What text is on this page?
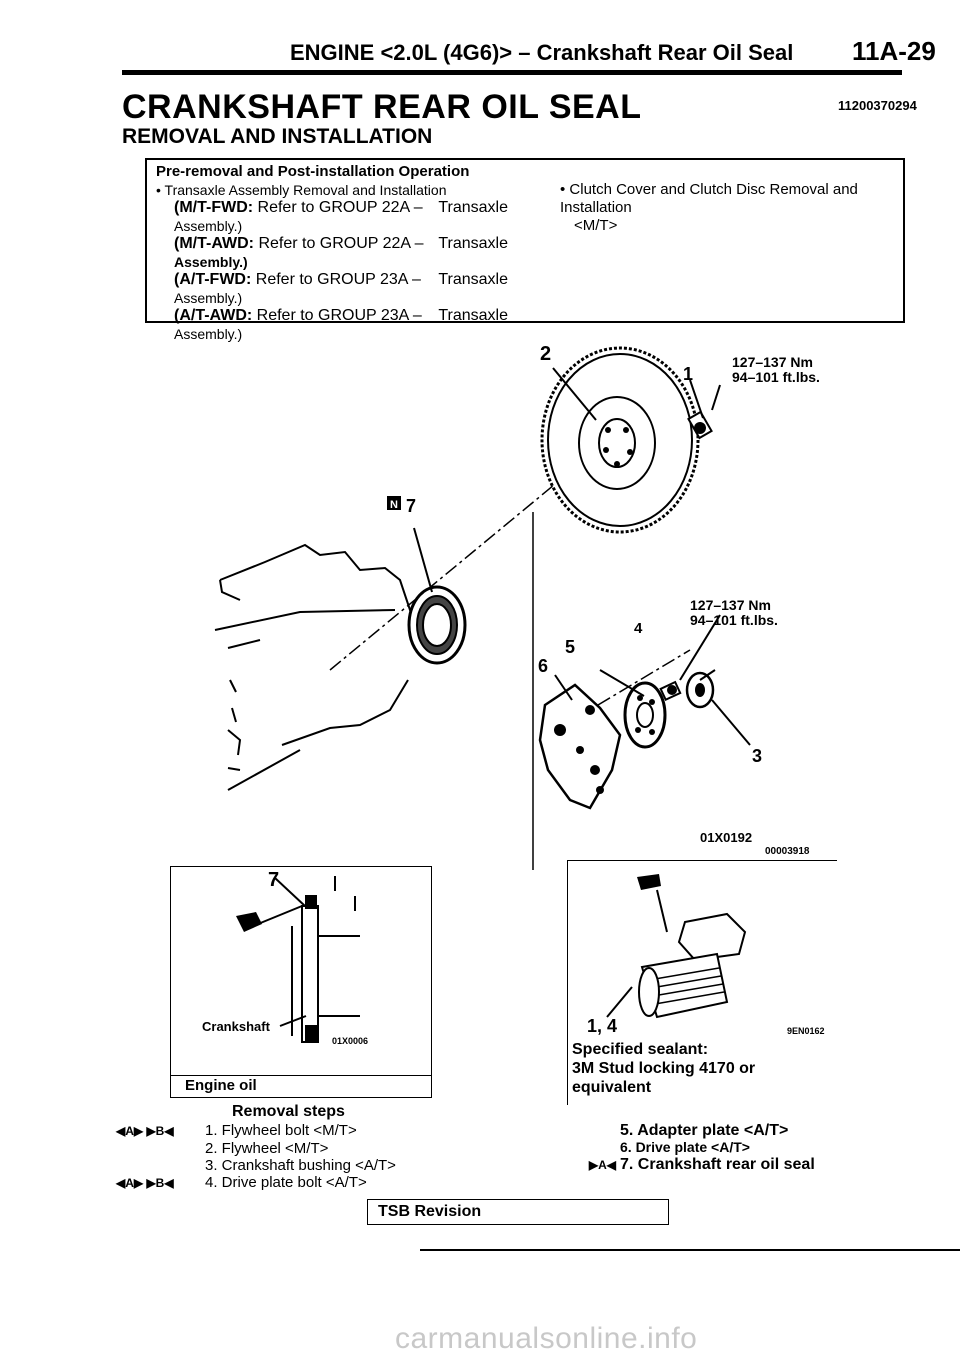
ENGINE <2.0L (4G6)> – Crankshaft Rear Oil Seal 11A-29
CRANKSHAFT REAR OIL SEAL	11200370294
REMOVAL AND INSTALLATION
Pre-removal and Post-installation Operation
• Transaxle Assembly Removal and Installation
(M/T-FWD: Refer to GROUP 22A – Transaxle
Assembly.)
(M/T-AWD: Refer to GROUP 22A – Transaxle
Assembly.)
(A/T-FWD: Refer to GROUP 23A – Transaxle
Assembly.)
(A/T-AWD: Refer to GROUP 23A – Transaxle
Assembly.)
• Clutch Cover and Clutch Disc Removal and Installation
<M/T>
2
1
7
N
4
5
6
3
127–137 Nm
94–101 ft.lbs.
127–137 Nm
94–101 ft.lbs.
01X0192
00003918
Engine oil
7
Crankshaft
01X0006
1, 4	9EN0162
Specified sealant:
3M Stud locking 4170 or equivalent
Removal steps
◀A▶ ▶B◀ 1. Flywheel bolt <M/T>
2. Flywheel <M/T>
3. Crankshaft bushing <A/T>
◀A▶ ▶B◀ 4. Drive plate bolt <A/T>
5. Adapter plate <A/T>
6. Drive plate <A/T>
▶A◀ 7. Crankshaft rear oil seal
TSB Revision
carmanualsonline.info
